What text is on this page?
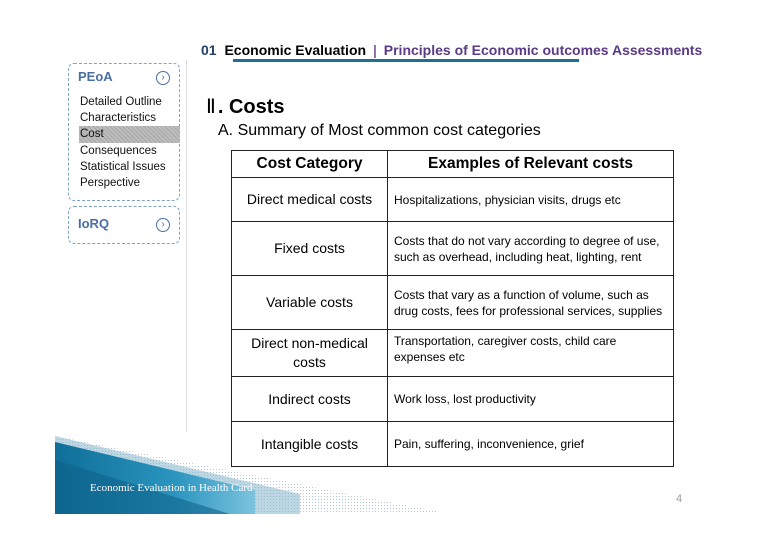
01 Economic Evaluation | Principles of Economic outcomes Assessments
PEoA	›
Detailed Outline
Characteristics
Cost
Consequences
Statistical Issues
Perspective
IoRQ	›
Ⅱ . Costs
A. Summary of Most common cost categories
Cost Category	Examples of Relevant costs
Direct medical costs	Hospitalizations, physician visits, drugs etc
Fixed costs	Costs that do not vary according to degree of use, such as overhead, including heat, lighting, rent
Variable costs	Costs that vary as a function of volume, such as drug costs, fees for professional services, supplies
Direct non-medical costs	Transportation, caregiver costs, child care expenses etc
Indirect costs	Work loss, lost productivity
Intangible costs	Pain, suffering, inconvenience, grief
Economic Evaluation in Health Card
4
